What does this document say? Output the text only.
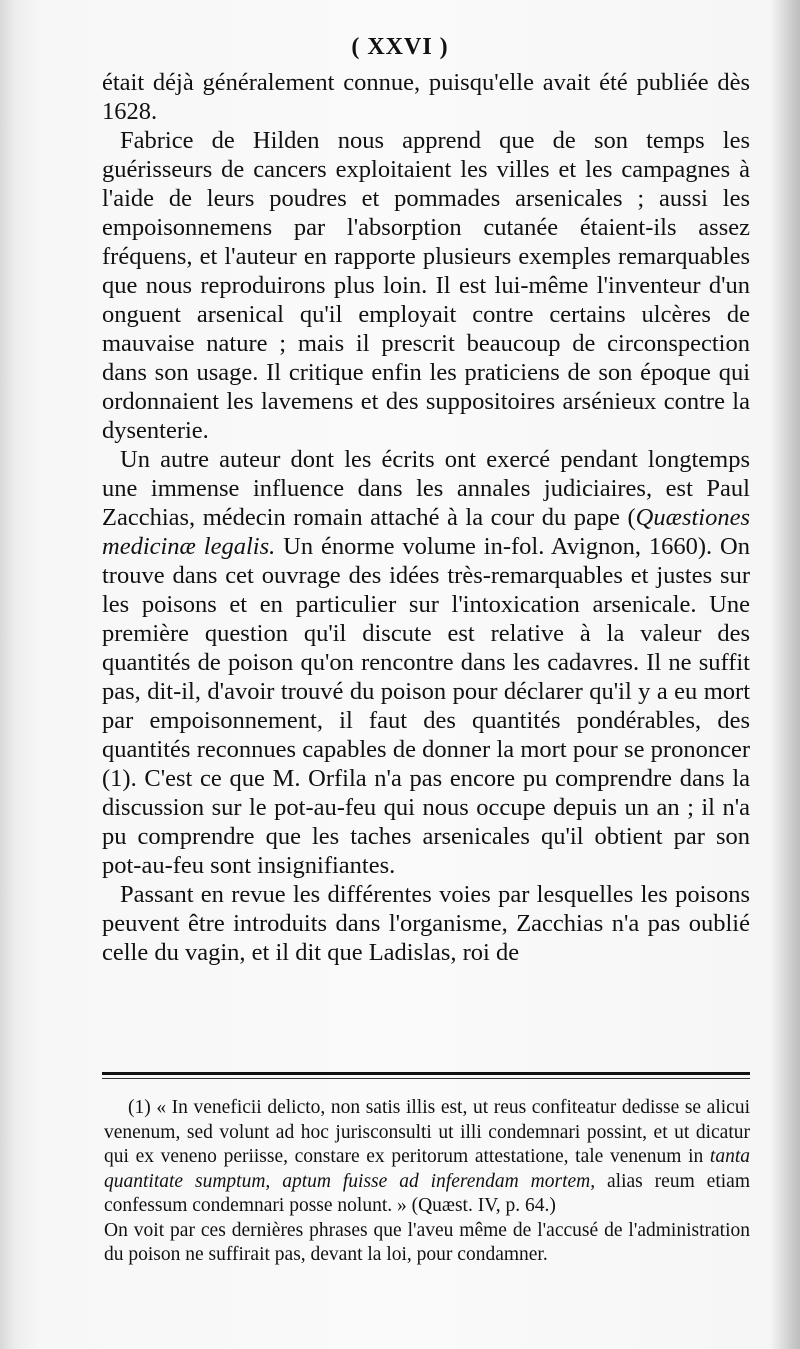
( XXVI )

était déjà généralement connue, puisqu'elle avait été publiée dès 1628.

Fabrice de Hilden nous apprend que de son temps les guérisseurs de cancers exploitaient les villes et les campagnes à l'aide de leurs poudres et pommades arsenicales ; aussi les empoisonnemens par l'absorption cutanée étaient-ils assez fréquens, et l'auteur en rapporte plusieurs exemples remarquables que nous reproduirons plus loin. Il est lui-même l'inventeur d'un onguent arsenical qu'il employait contre certains ulcères de mauvaise nature ; mais il prescrit beaucoup de circonspection dans son usage. Il critique enfin les praticiens de son époque qui ordonnaient les lavemens et des suppositoires arsénieux contre la dysenterie.

Un autre auteur dont les écrits ont exercé pendant longtemps une immense influence dans les annales judiciaires, est Paul Zacchias, médecin romain attaché à la cour du pape (Quæstiones medicinæ legalis. Un énorme volume in-fol. Avignon, 1660). On trouve dans cet ouvrage des idées très-remarquables et justes sur les poisons et en particulier sur l'intoxication arsenicale. Une première question qu'il discute est relative à la valeur des quantités de poison qu'on rencontre dans les cadavres. Il ne suffit pas, dit-il, d'avoir trouvé du poison pour déclarer qu'il y a eu mort par empoisonnement, il faut des quantités pondérables, des quantités reconnues capables de donner la mort pour se prononcer (1). C'est ce que M. Orfila n'a pas encore pu comprendre dans la discussion sur le pot-au-feu qui nous occupe depuis un an ; il n'a pu comprendre que les taches arsenicales qu'il obtient par son pot-au-feu sont insignifiantes.

Passant en revue les différentes voies par lesquelles les poisons peuvent être introduits dans l'organisme, Zacchias n'a pas oublié celle du vagin, et il dit que Ladislas, roi de

(1) « In veneficii delicto, non satis illis est, ut reus confiteatur dedisse se alicui venenum, sed volunt ad hoc jurisconsulti ut illi condemnari possint, et ut dicatur qui ex veneno periisse, constare ex peritorum attestatione, tale venenum in tanta quantitate sumptum, aptum fuisse ad inferendam mortem, alias reum etiam confessum condemnari posse nolunt. » (Quæst. IV, p. 64.)

On voit par ces dernières phrases que l'aveu même de l'accusé de l'administration du poison ne suffirait pas, devant la loi, pour condamner.
